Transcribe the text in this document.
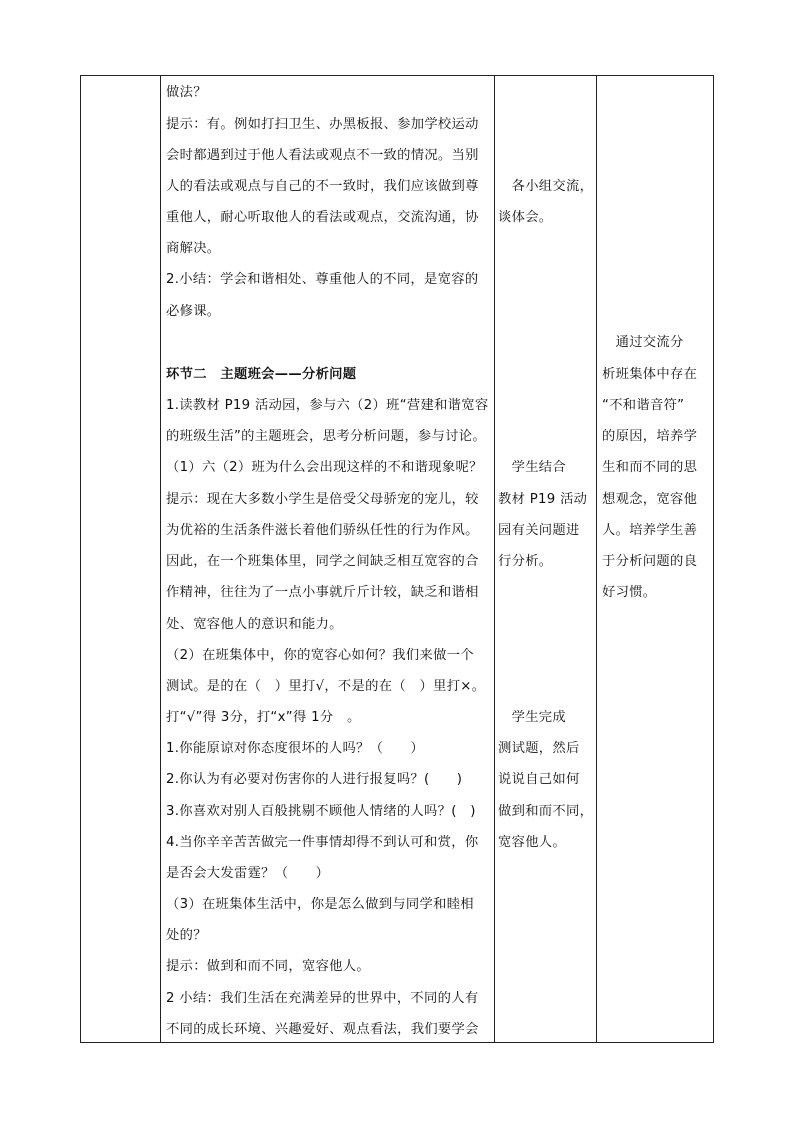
做法？
提示：有。例如打扫卫生、办黑板报、参加学校运动
会时都遇到过于他人看法或观点不一致的情况。当别
人的看法或观点与自己的不一致时，我们应该做到尊
重他人，耐心听取他人的看法或观点，交流沟通，协
商解决。
2.小结：学会和谐相处、尊重他人的不同，是宽容的
必修课。
环节二　主题班会——分析问题
1.读教材 P19 活动园，参与六（2）班“营建和谐宽容
的班级生活”的主题班会，思考分析问题，参与讨论。
（1）六（2）班为什么会出现这样的不和谐现象呢？
提示：现在大多数小学生是倍受父母骄宠的宠儿，较
为优裕的生活条件滋长着他们骄纵任性的行为作风。
因此，在一个班集体里，同学之间缺乏相互宽容的合
作精神，往往为了一点小事就斤斤计较，缺乏和谐相
处、宽容他人的意识和能力。
（2）在班集体中，你的宽容心如何？我们来做一个
测试。是的在（　）里打√，不是的在（　）里打×。
打“√”得 3分，打“х”得 1分　。
1.你能原谅对你态度很坏的人吗？（　　）
2.你认为有必要对伤害你的人进行报复吗？(　　)
3.你喜欢对别人百般挑剔不顾他人情绪的人吗？(　)
4.当你辛辛苦苦做完一件事情却得不到认可和赏，你
是否会大发雷霆？（　　）
（3）在班集体生活中，你是怎么做到与同学和睦相
处的？
提示：做到和而不同，宽容他人。
2 小结：我们生活在充满差异的世界中，不同的人有
不同的成长环境、兴趣爱好、观点看法，我们要学会
　各小组交流，
谈体会。
　学生结合
教材 P19 活动
园有关问题进
行分析。
　学生完成
测试题，然后
说说自己如何
做到和而不同，
宽容他人。
　通过交流分
析班集体中存在
“不和谐音符”
的原因，培养学
生和而不同的思
想观念，宽容他
人。培养学生善
于分析问题的良
好习惯。
